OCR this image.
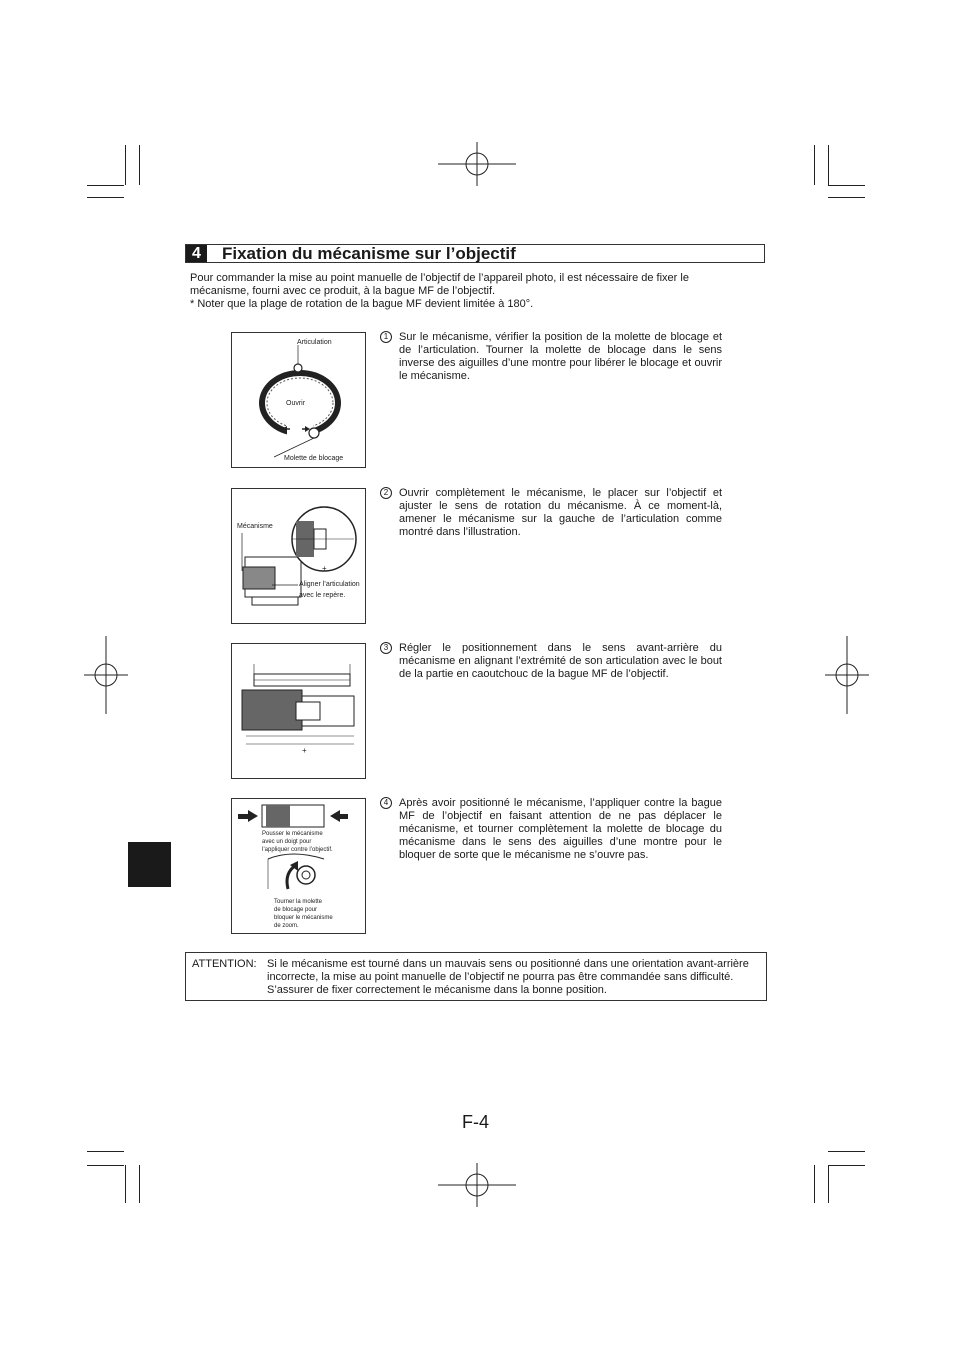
4	Fixation du mécanisme sur l’objectif

Pour commander la mise au point manuelle de l’objectif de l’appareil photo, il est nécessaire de fixer le mécanisme, fourni avec ce produit, à la bague MF de l’objectif.

* Noter que la plage de rotation de la bague MF devient limitée à 180°.

Articulation
Ouvrir
Molette de blocage
+
Mécanisme
Aligner l’articulation
avec le repère.
+
Pousser le mécanisme
avec un doigt pour
l’appliquer contre l’objectif.
Tourner la molette
de blocage pour
bloquer le mécanisme
de zoom.
1 Sur le mécanisme, vérifier la position de la molette de blocage et de l’articulation. Tourner la molette de blocage dans le sens inverse des aiguilles d’une montre pour libérer le blocage et ouvrir le mécanisme.
2 Ouvrir complètement le mécanisme, le placer sur l’objectif et ajuster le sens de rotation du mécanisme. À ce moment-là, amener le mécanisme sur la gauche de l’articulation comme montré dans l’illustration.
3 Régler le positionnement dans le sens avant-arrière du mécanisme en alignant l’extrémité de son articulation avec le bout de la partie en caoutchouc de la bague MF de l’objectif.
4 Après avoir positionné le mécanisme, l’appliquer contre la bague MF de l’objectif en faisant attention de ne pas déplacer le mécanisme, et tourner complètement la molette de blocage du mécanisme dans le sens des aiguilles d’une montre pour le bloquer de sorte que le mécanisme ne s’ouvre pas.
ATTENTION: Si le mécanisme est tourné dans un mauvais sens ou positionné dans une orientation avant-arrière incorrecte, la mise au point manuelle de l’objectif ne pourra pas être commandée sans difficulté. S’assurer de fixer correctement le mécanisme dans la bonne position.
F-4
